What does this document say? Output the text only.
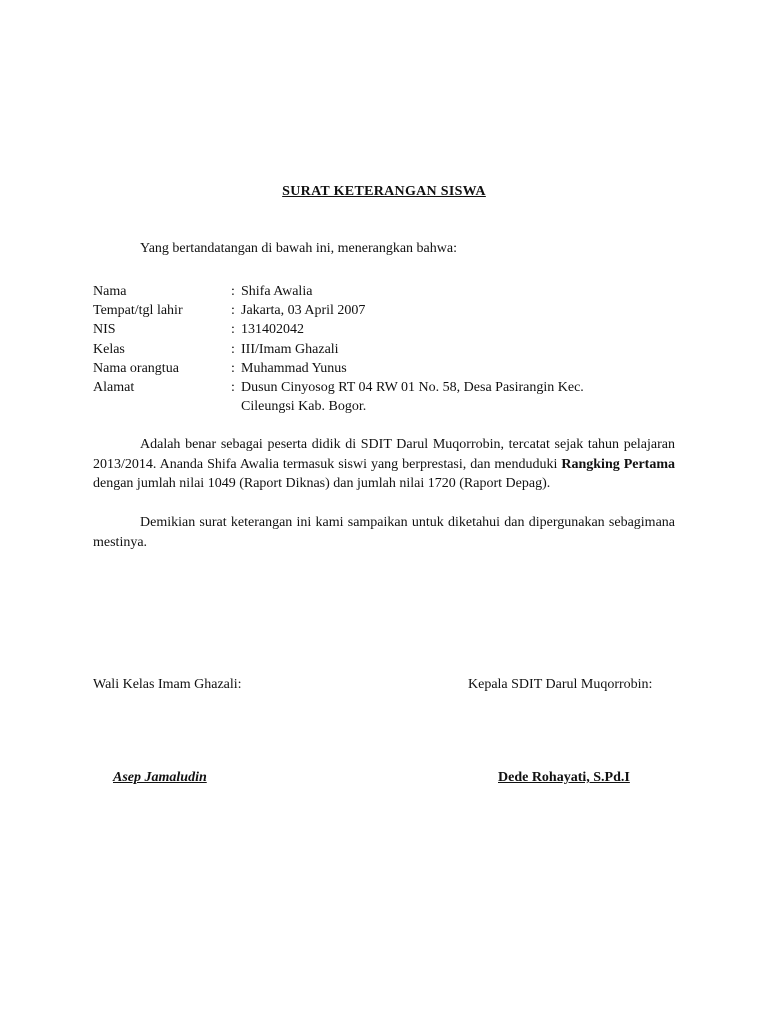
SURAT KETERANGAN SISWA
Yang bertandatangan di bawah ini, menerangkan bahwa:
Nama	: Shifa Awalia
Tempat/tgl lahir	: Jakarta, 03 April 2007
NIS	: 131402042
Kelas	: III/Imam Ghazali
Nama orangtua	: Muhammad Yunus
Alamat	: Dusun Cinyosog RT 04 RW 01 No. 58, Desa Pasirangin Kec.
Cileungsi Kab. Bogor.
Adalah benar sebagai peserta didik di SDIT Darul Muqorrobin, tercatat sejak tahun pelajaran 2013/2014. Ananda Shifa Awalia termasuk siswi yang berprestasi, dan menduduki Rangking Pertama dengan jumlah nilai 1049 (Raport Diknas) dan jumlah nilai 1720 (Raport Depag).
Demikian surat keterangan ini kami sampaikan untuk diketahui dan dipergunakan sebagimana mestinya.
Wali Kelas Imam Ghazali:	Kepala SDIT Darul Muqorrobin:
Asep Jamaludin	Dede Rohayati, S.Pd.I
